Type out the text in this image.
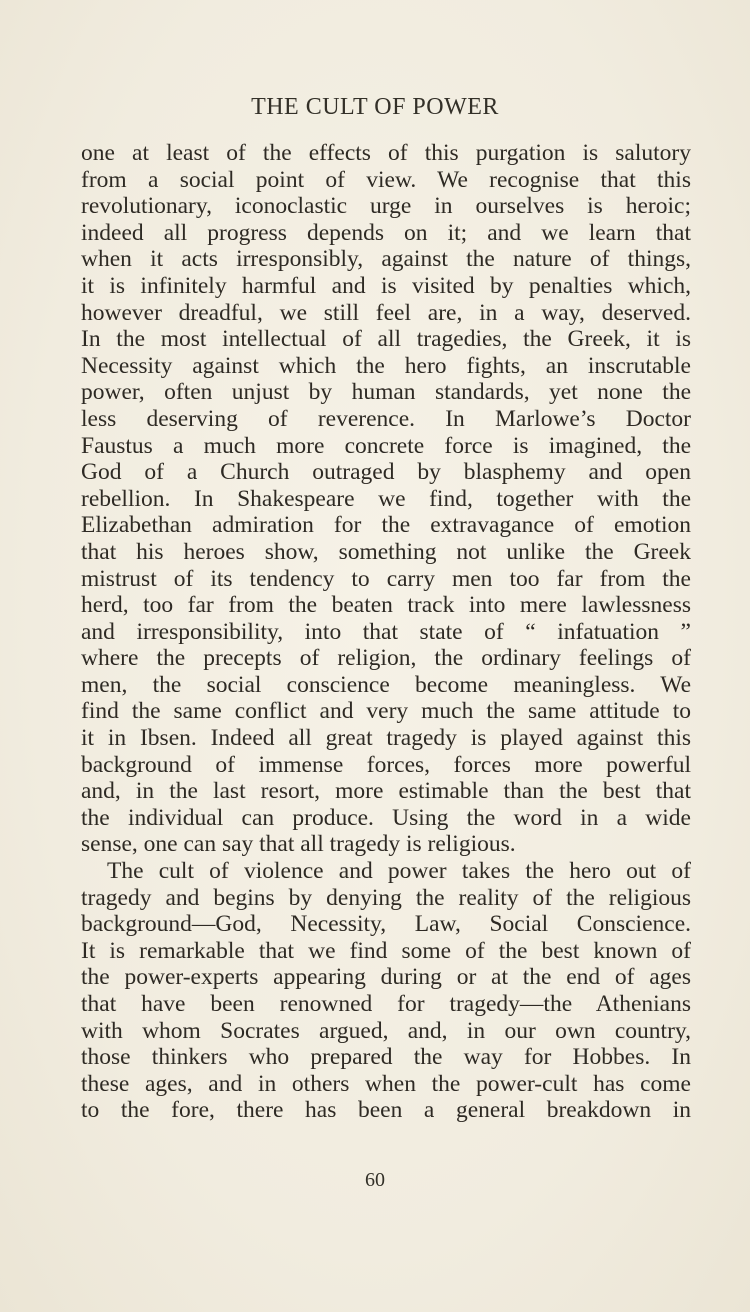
THE CULT OF POWER
one at least of the effects of this purgation is salutory
from a social point of view. We recognise that this
revolutionary, iconoclastic urge in ourselves is heroic;
indeed all progress depends on it; and we learn that
when it acts irresponsibly, against the nature of things,
it is infinitely harmful and is visited by penalties which,
however dreadful, we still feel are, in a way, deserved.
In the most intellectual of all tragedies, the Greek, it is
Necessity against which the hero fights, an inscrutable
power, often unjust by human standards, yet none the
less deserving of reverence. In Marlowe’s Doctor
Faustus a much more concrete force is imagined, the
God of a Church outraged by blasphemy and open
rebellion. In Shakespeare we find, together with the
Elizabethan admiration for the extravagance of emotion
that his heroes show, something not unlike the Greek
mistrust of its tendency to carry men too far from the
herd, too far from the beaten track into mere lawlessness
and irresponsibility, into that state of “ infatuation ”
where the precepts of religion, the ordinary feelings of
men, the social conscience become meaningless. We
find the same conflict and very much the same attitude to
it in Ibsen. Indeed all great tragedy is played against this
background of immense forces, forces more powerful
and, in the last resort, more estimable than the best that
the individual can produce. Using the word in a wide
sense, one can say that all tragedy is religious.
The cult of violence and power takes the hero out of
tragedy and begins by denying the reality of the religious
background—God, Necessity, Law, Social Conscience.
It is remarkable that we find some of the best known of
the power-experts appearing during or at the end of ages
that have been renowned for tragedy—the Athenians
with whom Socrates argued, and, in our own country,
those thinkers who prepared the way for Hobbes. In
these ages, and in others when the power-cult has come
to the fore, there has been a general breakdown in
60
